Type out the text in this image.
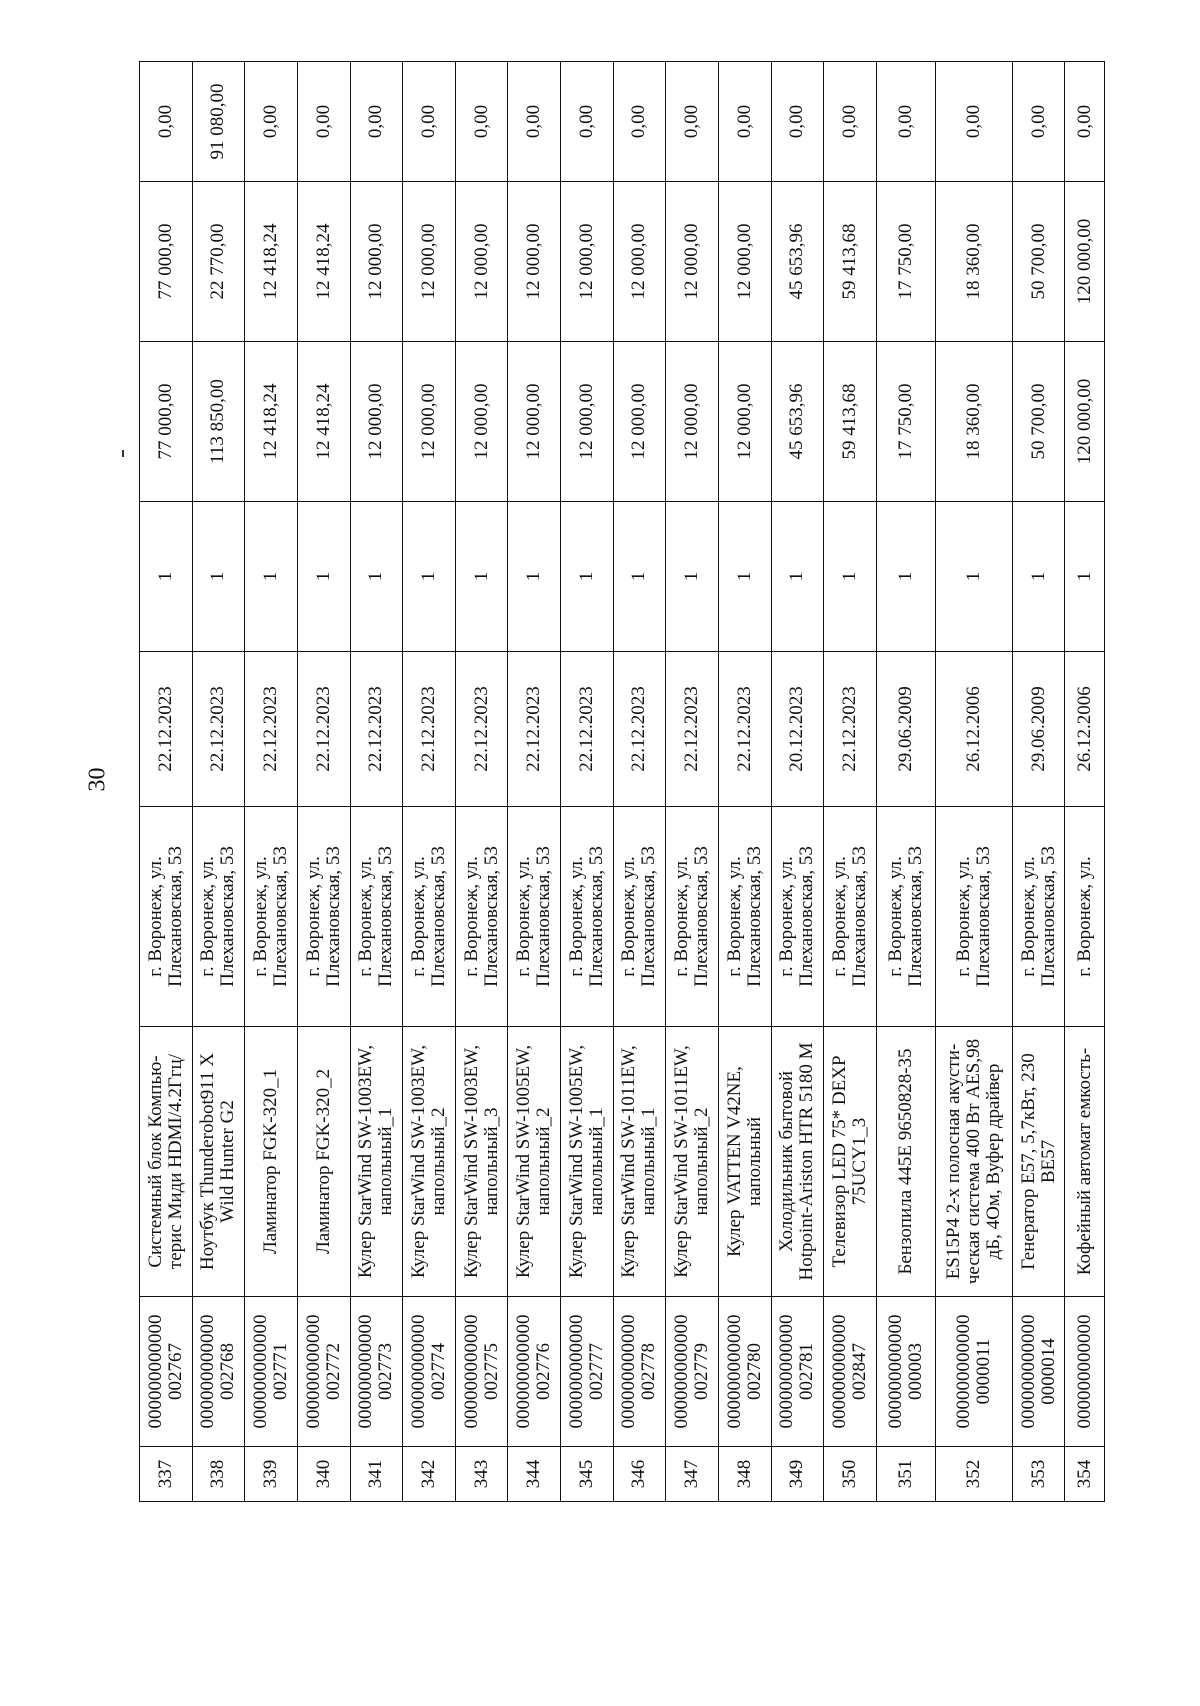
30
337	000000000000
002767	Системный блок Компью-
терис Миди HDMI/4.2Ггц/	г. Воронеж, ул.
Плехановская, 53	22.12.2023	1	77 000,00	77 000,00	0,00
338	000000000000
002768	Ноутбук Thunderobot911 X
Wild Hunter G2	г. Воронеж, ул.
Плехановская, 53	22.12.2023	1	113 850,00	22 770,00	91 080,00
339	000000000000
002771	Ламинатор FGK-320_1	г. Воронеж, ул.
Плехановская, 53	22.12.2023	1	12 418,24	12 418,24	0,00
340	000000000000
002772	Ламинатор FGK-320_2	г. Воронеж, ул.
Плехановская, 53	22.12.2023	1	12 418,24	12 418,24	0,00
341	000000000000
002773	Кулер StarWind SW-1003EW,
напольный_1	г. Воронеж, ул.
Плехановская, 53	22.12.2023	1	12 000,00	12 000,00	0,00
342	000000000000
002774	Кулер StarWind SW-1003EW,
напольный_2	г. Воронеж, ул.
Плехановская, 53	22.12.2023	1	12 000,00	12 000,00	0,00
343	000000000000
002775	Кулер StarWind SW-1003EW,
напольный_3	г. Воронеж, ул.
Плехановская, 53	22.12.2023	1	12 000,00	12 000,00	0,00
344	000000000000
002776	Кулер StarWind SW-1005EW,
напольный_2	г. Воронеж, ул.
Плехановская, 53	22.12.2023	1	12 000,00	12 000,00	0,00
345	000000000000
002777	Кулер StarWind SW-1005EW,
напольный_1	г. Воронеж, ул.
Плехановская, 53	22.12.2023	1	12 000,00	12 000,00	0,00
346	000000000000
002778	Кулер StarWind SW-1011EW,
напольный_1	г. Воронеж, ул.
Плехановская, 53	22.12.2023	1	12 000,00	12 000,00	0,00
347	000000000000
002779	Кулер StarWind SW-1011EW,
напольный_2	г. Воронеж, ул.
Плехановская, 53	22.12.2023	1	12 000,00	12 000,00	0,00
348	000000000000
002780	Кулер VATTEN V42NE,
напольный	г. Воронеж, ул.
Плехановская, 53	22.12.2023	1	12 000,00	12 000,00	0,00
349	000000000000
002781	Холодильник бытовой
Hotpoint-Ariston HTR 5180 M	г. Воронеж, ул.
Плехановская, 53	20.12.2023	1	45 653,96	45 653,96	0,00
350	000000000000
002847	Телевизор LED 75* DEXP
75UCY1_3	г. Воронеж, ул.
Плехановская, 53	22.12.2023	1	59 413,68	59 413,68	0,00
351	000000000000
000003	Бензопила 445E 9650828-35	г. Воронеж, ул.
Плехановская, 53	29.06.2009	1	17 750,00	17 750,00	0,00
352	000000000000
0000011	ES15P4 2-х полосная акусти-
ческая система 400 Вт AES,98
дБ, 4Ом, Вуфер драйвер	г. Воронеж, ул.
Плехановская, 53	26.12.2006	1	18 360,00	18 360,00	0,00
353	000000000000
0000014	Генератор E57, 5,7кВт, 230
BE57	г. Воронеж, ул.
Плехановская, 53	29.06.2009	1	50 700,00	50 700,00	0,00
354	000000000000	Кофейный автомат емкость-	г. Воронеж, ул.	26.12.2006	1	120 000,00	120 000,00	0,00
